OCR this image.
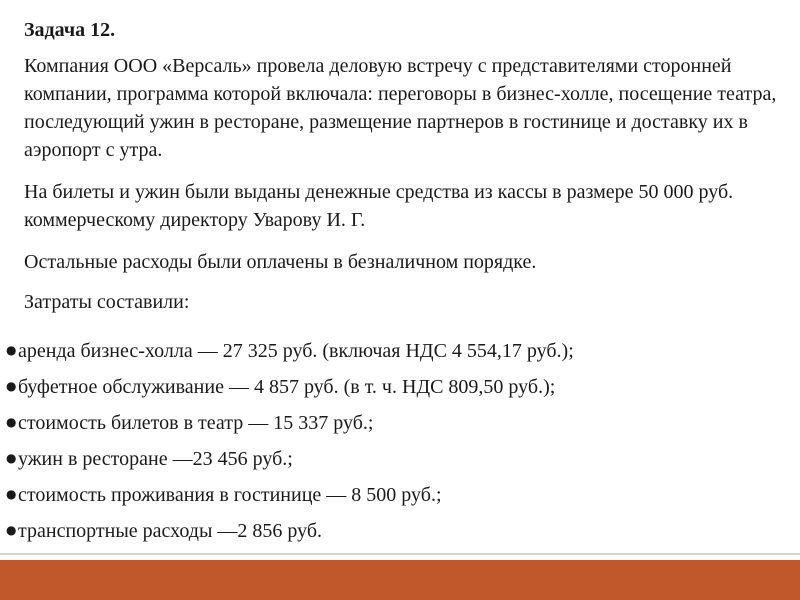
Задача 12.

Компания ООО «Версаль» провела деловую встречу с представителями сторонней компании, программа которой включала: переговоры в бизнес-холле, посещение театра, последующий ужин в ресторане, размещение партнеров в гостинице и доставку их в аэропорт с утра.

На билеты и ужин были выданы денежные средства из кассы в размере 50 000 руб. коммерческому директору Уварову И. Г.

Остальные расходы были оплачены в безналичном порядке.

Затраты составили:

●аренда бизнес-холла — 27 325 руб. (включая НДС 4 554,17 руб.);
●буфетное обслуживание — 4 857 руб. (в т. ч. НДС 809,50 руб.);
●стоимость билетов в театр — 15 337 руб.;
●ужин в ресторане —23 456 руб.;
●стоимость проживания в гостинице — 8 500 руб.;
●транспортные расходы —2 856 руб.
